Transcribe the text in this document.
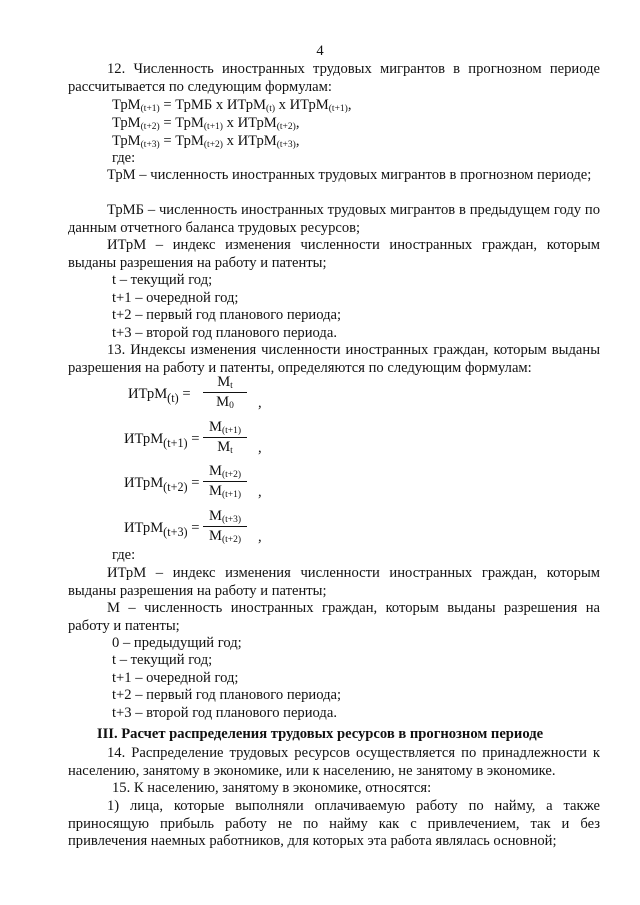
4
12. Численность иностранных трудовых мигрантов в прогнозном периоде рассчитывается по следующим формулам:
ТрМ$_{(t+1)}$ = ТрМБ х ИТрМ$_{(t)}$ х ИТрМ$_{(t+1)}$,
ТрМ$_{(t+2)}$ = ТрМ$_{(t+1)}$ х ИТрМ$_{(t+2)}$,
ТрМ$_{(t+3)}$ = ТрМ$_{(t+2)}$ х ИТрМ$_{(t+3)}$,
где:
ТрМ – численность иностранных трудовых мигрантов в прогнозном периоде;
ТрМБ – численность иностранных трудовых мигрантов в предыдущем году по данным отчетного баланса трудовых ресурсов;
ИТрМ – индекс изменения численности иностранных граждан, которым выданы разрешения на работу и патенты;
t – текущий год;
t+1 – очередной год;
t+2 – первый год планового периода;
t+3 – второй год планового периода.
13. Индексы изменения численности иностранных граждан, которым выданы разрешения на работу и патенты, определяются по следующим формулам:
ИТрМ$_{(t)}$ =
$M_t$
$M_0$	,
ИТрМ$_{(t+1)}$ =
$M_{(t+1)}$
$M_t$	,
ИТрМ$_{(t+2)}$ =
$M_{(t+2)}$
$M_{(t+1)}$	,
ИТрМ$_{(t+3)}$ =
$M_{(t+3)}$
$M_{(t+2)}$	,
где:
ИТрМ – индекс изменения численности иностранных граждан, которым выданы разрешения на работу и патенты;
М – численность иностранных граждан, которым выданы разрешения на работу и патенты;
0 – предыдущий год;
t – текущий год;
t+1 – очередной год;
t+2 – первый год планового периода;
t+3 – второй год планового периода.
III. Расчет распределения трудовых ресурсов в прогнозном периоде
14. Распределение трудовых ресурсов осуществляется по принадлежности к населению, занятому в экономике, или к населению, не занятому в экономике.
15. К населению, занятому в экономике, относятся:
1) лица, которые выполняли оплачиваемую работу по найму, а также приносящую прибыль работу не по найму как с привлечением, так и без привлечения наемных работников, для которых эта работа являлась основной;
